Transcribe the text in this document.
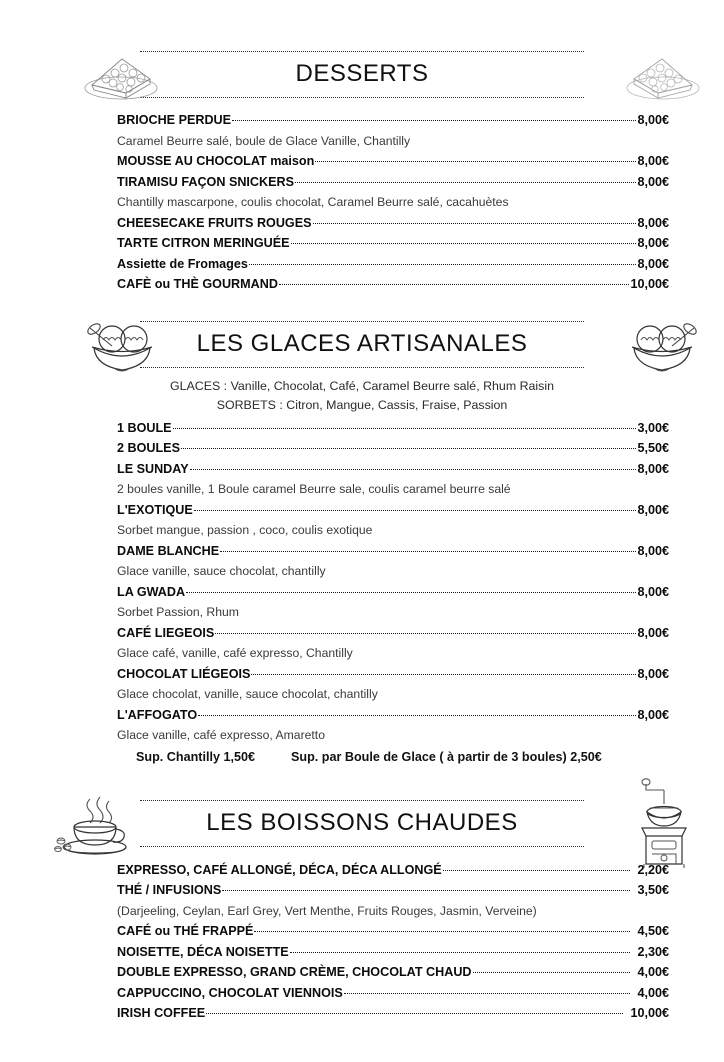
DESSERTS
BRIOCHE PERDUE	8,00€
Caramel Beurre salé, boule de Glace Vanille, Chantilly
MOUSSE AU CHOCOLAT maison	8,00€
TIRAMISU FAÇON SNICKERS	8,00€
Chantilly mascarpone, coulis chocolat, Caramel Beurre salé, cacahuètes
CHEESECAKE FRUITS ROUGES	8,00€
TARTE CITRON MERINGUÉE	8,00€
Assiette de Fromages	8,00€
CAFÈ ou THÈ GOURMAND	10,00€
LES GLACES ARTISANALES
GLACES : Vanille, Chocolat, Café, Caramel Beurre salé, Rhum Raisin
SORBETS : Citron, Mangue, Cassis, Fraise, Passion
1 BOULE	3,00€
2 BOULES	5,50€
LE SUNDAY	8,00€
2 boules vanille, 1 Boule caramel Beurre sale, coulis caramel beurre salé
L'EXOTIQUE	8,00€
Sorbet mangue, passion , coco, coulis exotique
DAME BLANCHE	8,00€
Glace vanille, sauce chocolat, chantilly
LA GWADA	8,00€
Sorbet Passion, Rhum
CAFÉ LIEGEOIS	8,00€
Glace café, vanille, café expresso, Chantilly
CHOCOLAT LIÉGEOIS	8,00€
Glace chocolat, vanille, sauce chocolat, chantilly
L'AFFOGATO	8,00€
Glace vanille, café expresso, Amaretto
Sup. Chantilly 1,50€	Sup. par Boule de Glace ( à partir de 3 boules) 2,50€
LES BOISSONS CHAUDES
EXPRESSO, CAFÉ ALLONGÉ, DÉCA, DÉCA ALLONGÉ	2,20€
THÉ / INFUSIONS	3,50€
(Darjeeling, Ceylan, Earl Grey, Vert Menthe, Fruits Rouges, Jasmin, Verveine)
CAFÉ ou THÉ FRAPPÉ	4,50€
NOISETTE, DÉCA NOISETTE	2,30€
DOUBLE EXPRESSO, GRAND CRÈME, CHOCOLAT CHAUD	4,00€
CAPPUCCINO, CHOCOLAT VIENNOIS	4,00€
IRISH COFFEE	10,00€
